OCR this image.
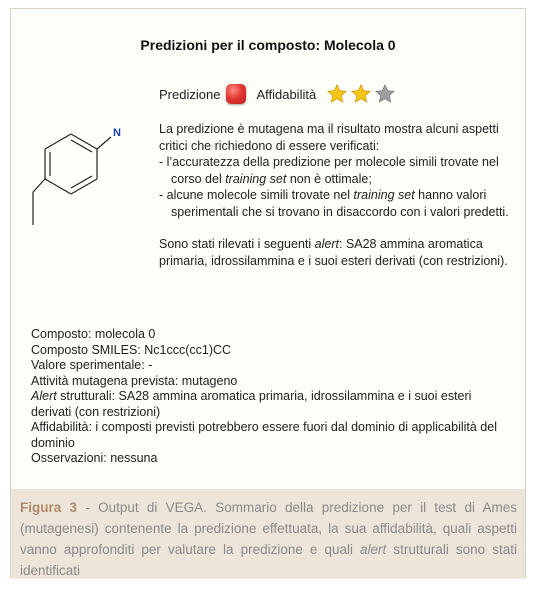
Predizioni per il composto: Molecola 0
Predizione	Affidabilità
N	La predizione è mutagena ma il risultato mostra alcuni aspetti critici che richiedono di essere verificati:

- l’accuratezza della predizione per molecole simili trovate nel corso del training set non è ottimale;

- alcune molecole simili trovate nel training set hanno valori sperimentali che si trovano in disaccordo con i valori predetti.

Sono stati rilevati i seguenti alert: SA28 ammina aromatica primaria, idrossilammina e i suoi esteri derivati (con restrizioni).

Composto: molecola 0
Composto SMILES: Nc1ccc(cc1)CC
Valore sperimentale: -
Attività mutagena prevista: mutageno
Alert strutturali: SA28 ammina aromatica primaria, idrossilammina e i suoi esteri derivati (con restrizioni)
Affidabilità: i composti previsti potrebbero essere fuori dal dominio di applicabilità del dominio
Osservazioni: nessuna
Figura 3 - Output di VEGA. Sommario della predizione per il test di Ames (mutagenesi) contenente la predizione effettuata, la sua affidabilità, quali aspetti vanno approfonditi per valutare la predizione e quali alert strutturali sono stati identificati
